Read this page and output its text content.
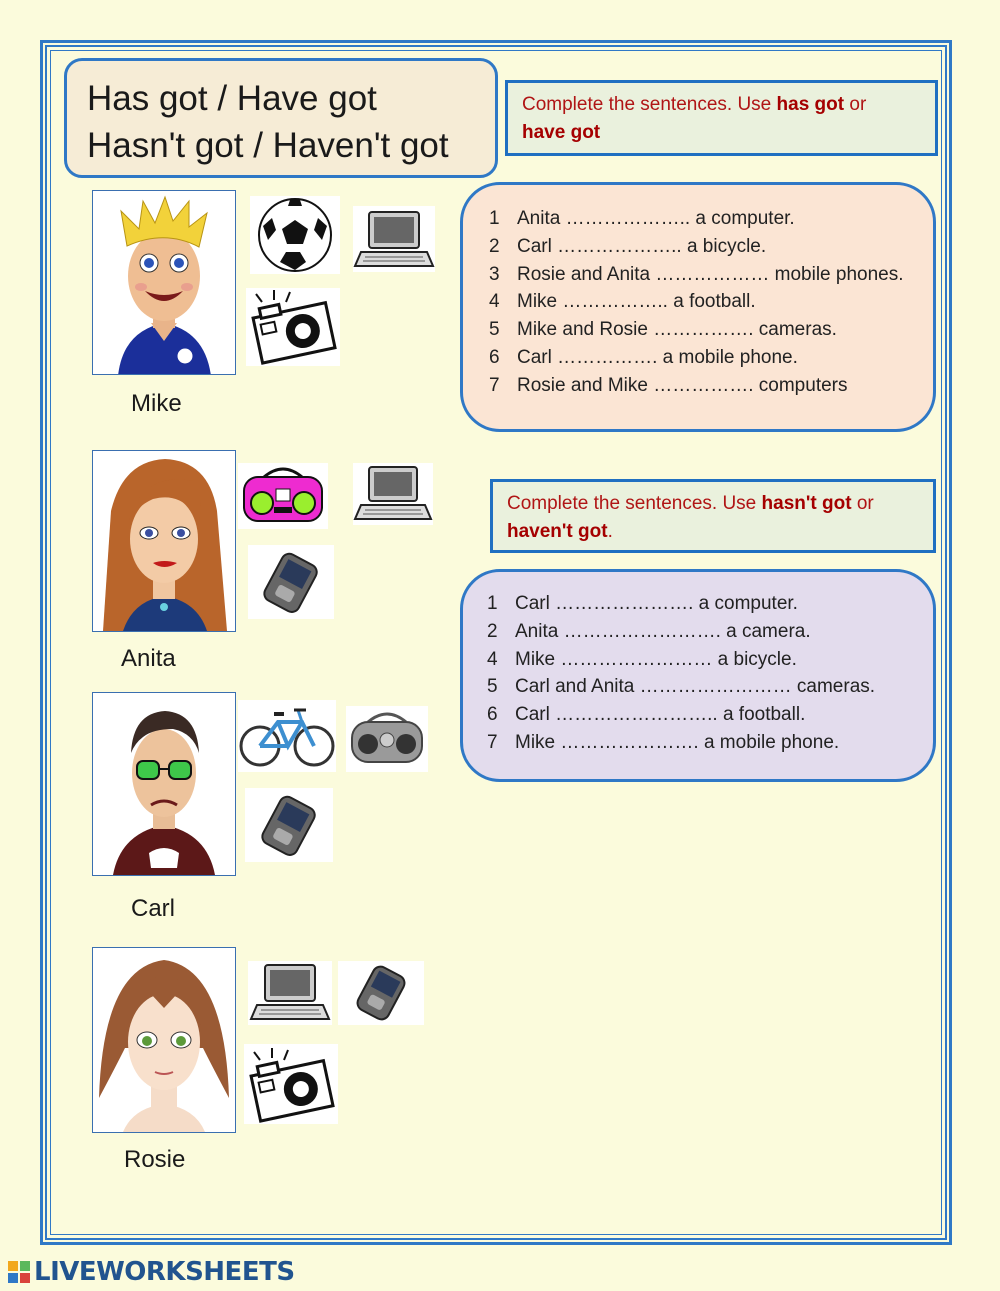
Has got / Have got
Hasn't got / Haven't got
Complete the sentences. Use has got or
have got
1 Anita ……………….. a computer.
2 Carl ……………….. a bicycle.
3 Rosie and Anita ……………… mobile phones.
4 Mike …………….. a football.
5 Mike and Rosie ……………. cameras.
6 Carl ……………. a mobile phone.
7 Rosie and Mike ……………. computers
Complete the sentences. Use hasn't got or
haven't got.
1 Carl …………………. a computer.
2 Anita ……………………. a camera.
4 Mike …………………… a bicycle.
5 Carl and Anita …………………… cameras.
6 Carl …………………….. a football.
7 Mike …………………. a mobile phone.
Mike
Anita
Carl
Rosie
LIVEWORKSHEETS
